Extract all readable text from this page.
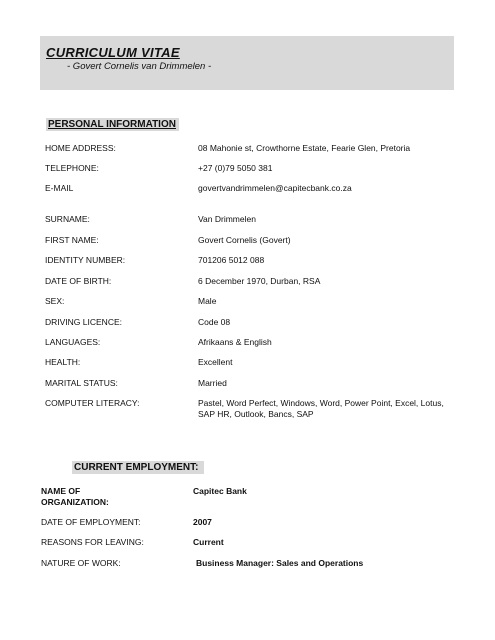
CURRICULUM VITAE
- Govert Cornelis van Drimmelen -
PERSONAL INFORMATION
HOME ADDRESS:	08 Mahonie st, Crowthorne Estate, Fearie Glen, Pretoria
TELEPHONE:	+27 (0)79 5050 381
E-MAIL	govertvandrimmelen@capitecbank.co.za
SURNAME:	Van Drimmelen
FIRST NAME:	Govert Cornelis (Govert)
IDENTITY NUMBER:	701206 5012 088
DATE OF BIRTH:	6 December 1970, Durban, RSA
SEX:	Male
DRIVING LICENCE:	Code 08
LANGUAGES:	Afrikaans & English
HEALTH:	Excellent
MARITAL STATUS:	Married
COMPUTER LITERACY:	Pastel, Word Perfect, Windows, Word, Power Point, Excel, Lotus, SAP HR, Outlook, Bancs, SAP
CURRENT EMPLOYMENT:
NAME OF ORGANIZATION:
Capitec Bank
DATE OF EMPLOYMENT:	2007
REASONS FOR LEAVING:	Current
NATURE OF WORK:	Business Manager: Sales and Operations
